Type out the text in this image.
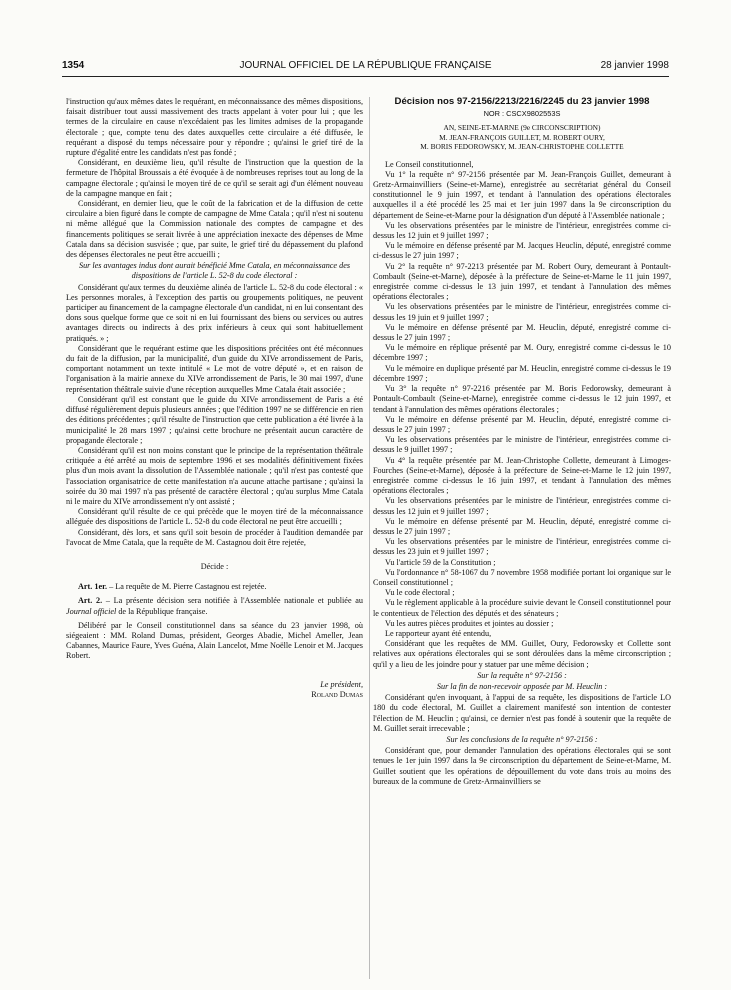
1354	JOURNAL OFFICIEL DE LA RÉPUBLIQUE FRANÇAISE	28 janvier 1998

l'instruction qu'aux mêmes dates le requérant, en méconnaissance des mêmes dispositions, faisait distribuer tout aussi massivement des tracts appelant à voter pour lui ; que les termes de la circulaire en cause n'excédaient pas les limites admises de la propagande électorale ; que, compte tenu des dates auxquelles cette circulaire a été diffusée, le requérant a disposé du temps nécessaire pour y répondre ; qu'ainsi le grief tiré de la rupture d'égalité entre les candidats n'est pas fondé ;

Considérant, en deuxième lieu, qu'il résulte de l'instruction que la question de la fermeture de l'hôpital Broussais a été évoquée à de nombreuses reprises tout au long de la campagne électorale ; qu'ainsi le moyen tiré de ce qu'il se serait agi d'un élément nouveau de la campagne manque en fait ;

Considérant, en dernier lieu, que le coût de la fabrication et de la diffusion de cette circulaire a bien figuré dans le compte de campagne de Mme Catala ; qu'il n'est ni soutenu ni même allégué que la Commission nationale des comptes de campagne et des financements politiques se serait livrée à une appréciation inexacte des dépenses de Mme Catala dans sa décision susvisée ; que, par suite, le grief tiré du dépassement du plafond des dépenses électorales ne peut être accueilli ;

Sur les avantages indus dont aurait bénéficié Mme Catala, en méconnaissance des dispositions de l'article L. 52-8 du code électoral :

Considérant qu'aux termes du deuxième alinéa de l'article L. 52-8 du code électoral : « Les personnes morales, à l'exception des partis ou groupements politiques, ne peuvent participer au financement de la campagne électorale d'un candidat, ni en lui consentant des dons sous quelque forme que ce soit ni en lui fournissant des biens ou services ou autres avantages directs ou indirects à des prix inférieurs à ceux qui sont habituellement pratiqués. » ;

Considérant que le requérant estime que les dispositions précitées ont été méconnues du fait de la diffusion, par la municipalité, d'un guide du XIVe arrondissement de Paris, comportant notamment un texte intitulé « Le mot de votre député », et en raison de l'organisation à la mairie annexe du XIVe arrondissement de Paris, le 30 mai 1997, d'une représentation théâtrale suivie d'une réception auxquelles Mme Catala était associée ;

Considérant qu'il est constant que le guide du XIVe arrondissement de Paris a été diffusé régulièrement depuis plusieurs années ; que l'édition 1997 ne se différencie en rien des éditions précédentes ; qu'il résulte de l'instruction que cette publication a été livrée à la municipalité le 28 mars 1997 ; qu'ainsi cette brochure ne présentait aucun caractère de propagande électorale ;

Considérant qu'il est non moins constant que le principe de la représentation théâtrale critiquée a été arrêté au mois de septembre 1996 et ses modalités définitivement fixées plus d'un mois avant la dissolution de l'Assemblée nationale ; qu'il n'est pas contesté que l'association organisatrice de cette manifestation n'a aucune attache partisane ; qu'ainsi la soirée du 30 mai 1997 n'a pas présenté de caractère électoral ; qu'au surplus Mme Catala ni le maire du XIVe arrondissement n'y ont assisté ;

Considérant qu'il résulte de ce qui précède que le moyen tiré de la méconnaissance alléguée des dispositions de l'article L. 52-8 du code électoral ne peut être accueilli ;

Considérant, dès lors, et sans qu'il soit besoin de procéder à l'audition demandée par l'avocat de Mme Catala, que la requête de M. Castagnou doit être rejetée,

Décide :

Art. 1er. – La requête de M. Pierre Castagnou est rejetée.

Art. 2. – La présente décision sera notifiée à l'Assemblée nationale et publiée au Journal officiel de la République française.

Délibéré par le Conseil constitutionnel dans sa séance du 23 janvier 1998, où siégeaient : MM. Roland Dumas, président, Georges Abadie, Michel Ameller, Jean Cabannes, Maurice Faure, Yves Guéna, Alain Lancelot, Mme Noëlle Lenoir et M. Jacques Robert.

Le président,

Roland Dumas

Décision nos 97-2156/2213/2216/2245 du 23 janvier 1998
NOR : CSCX9802553S
AN, SEINE-ET-MARNE (9e CIRCONSCRIPTION)
M. JEAN-FRANÇOIS GUILLET, M. ROBERT OURY,
M. BORIS FEDOROWSKY, M. JEAN-CHRISTOPHE COLLETTE

Le Conseil constitutionnel,

Vu 1° la requête n° 97-2156 présentée par M. Jean-François Guillet, demeurant à Gretz-Armainvilliers (Seine-et-Marne), enregistrée au secrétariat général du Conseil constitutionnel le 9 juin 1997, et tendant à l'annulation des opérations électorales auxquelles il a été procédé les 25 mai et 1er juin 1997 dans la 9e circonscription du département de Seine-et-Marne pour la désignation d'un député à l'Assemblée nationale ;

Vu les observations présentées par le ministre de l'intérieur, enregistrées comme ci-dessus les 12 juin et 9 juillet 1997 ;

Vu le mémoire en défense présenté par M. Jacques Heuclin, député, enregistré comme ci-dessus le 27 juin 1997 ;

Vu 2° la requête n° 97-2213 présentée par M. Robert Oury, demeurant à Pontault-Combault (Seine-et-Marne), déposée à la préfecture de Seine-et-Marne le 11 juin 1997, enregistrée comme ci-dessus le 13 juin 1997, et tendant à l'annulation des mêmes opérations électorales ;

Vu les observations présentées par le ministre de l'intérieur, enregistrées comme ci-dessus les 19 juin et 9 juillet 1997 ;

Vu le mémoire en défense présenté par M. Heuclin, député, enregistré comme ci-dessus le 27 juin 1997 ;

Vu le mémoire en réplique présenté par M. Oury, enregistré comme ci-dessus le 10 décembre 1997 ;

Vu le mémoire en duplique présenté par M. Heuclin, enregistré comme ci-dessus le 19 décembre 1997 ;

Vu 3° la requête n° 97-2216 présentée par M. Boris Fedorowsky, demeurant à Pontault-Combault (Seine-et-Marne), enregistrée comme ci-dessus le 12 juin 1997, et tendant à l'annulation des mêmes opérations électorales ;

Vu le mémoire en défense présenté par M. Heuclin, député, enregistré comme ci-dessus le 27 juin 1997 ;

Vu les observations présentées par le ministre de l'intérieur, enregistrées comme ci-dessus le 9 juillet 1997 ;

Vu 4° la requête présentée par M. Jean-Christophe Collette, demeurant à Limoges-Fourches (Seine-et-Marne), déposée à la préfecture de Seine-et-Marne le 12 juin 1997, enregistrée comme ci-dessus le 16 juin 1997, et tendant à l'annulation des mêmes opérations électorales ;

Vu les observations présentées par le ministre de l'intérieur, enregistrées comme ci-dessus les 12 juin et 9 juillet 1997 ;

Vu le mémoire en défense présenté par M. Heuclin, député, enregistré comme ci-dessus le 27 juin 1997 ;

Vu les observations présentées par le ministre de l'intérieur, enregistrées comme ci-dessus les 23 juin et 9 juillet 1997 ;

Vu l'article 59 de la Constitution ;

Vu l'ordonnance n° 58-1067 du 7 novembre 1958 modifiée portant loi organique sur le Conseil constitutionnel ;

Vu le code électoral ;

Vu le règlement applicable à la procédure suivie devant le Conseil constitutionnel pour le contentieux de l'élection des députés et des sénateurs ;

Vu les autres pièces produites et jointes au dossier ;

Le rapporteur ayant été entendu,

Considérant que les requêtes de MM. Guillet, Oury, Fedorowsky et Collette sont relatives aux opérations électorales qui se sont déroulées dans la même circonscription ; qu'il y a lieu de les joindre pour y statuer par une même décision ;

Sur la requête n° 97-2156 :

Sur la fin de non-recevoir opposée par M. Heuclin :

Considérant qu'en invoquant, à l'appui de sa requête, les dispositions de l'article LO 180 du code électoral, M. Guillet a clairement manifesté son intention de contester l'élection de M. Heuclin ; qu'ainsi, ce dernier n'est pas fondé à soutenir que la requête de M. Guillet serait irrecevable ;

Sur les conclusions de la requête n° 97-2156 :

Considérant que, pour demander l'annulation des opérations électorales qui se sont tenues le 1er juin 1997 dans la 9e circonscription du département de Seine-et-Marne, M. Guillet soutient que les opérations de dépouillement du vote dans trois au moins des bureaux de la commune de Gretz-Armainvilliers se
